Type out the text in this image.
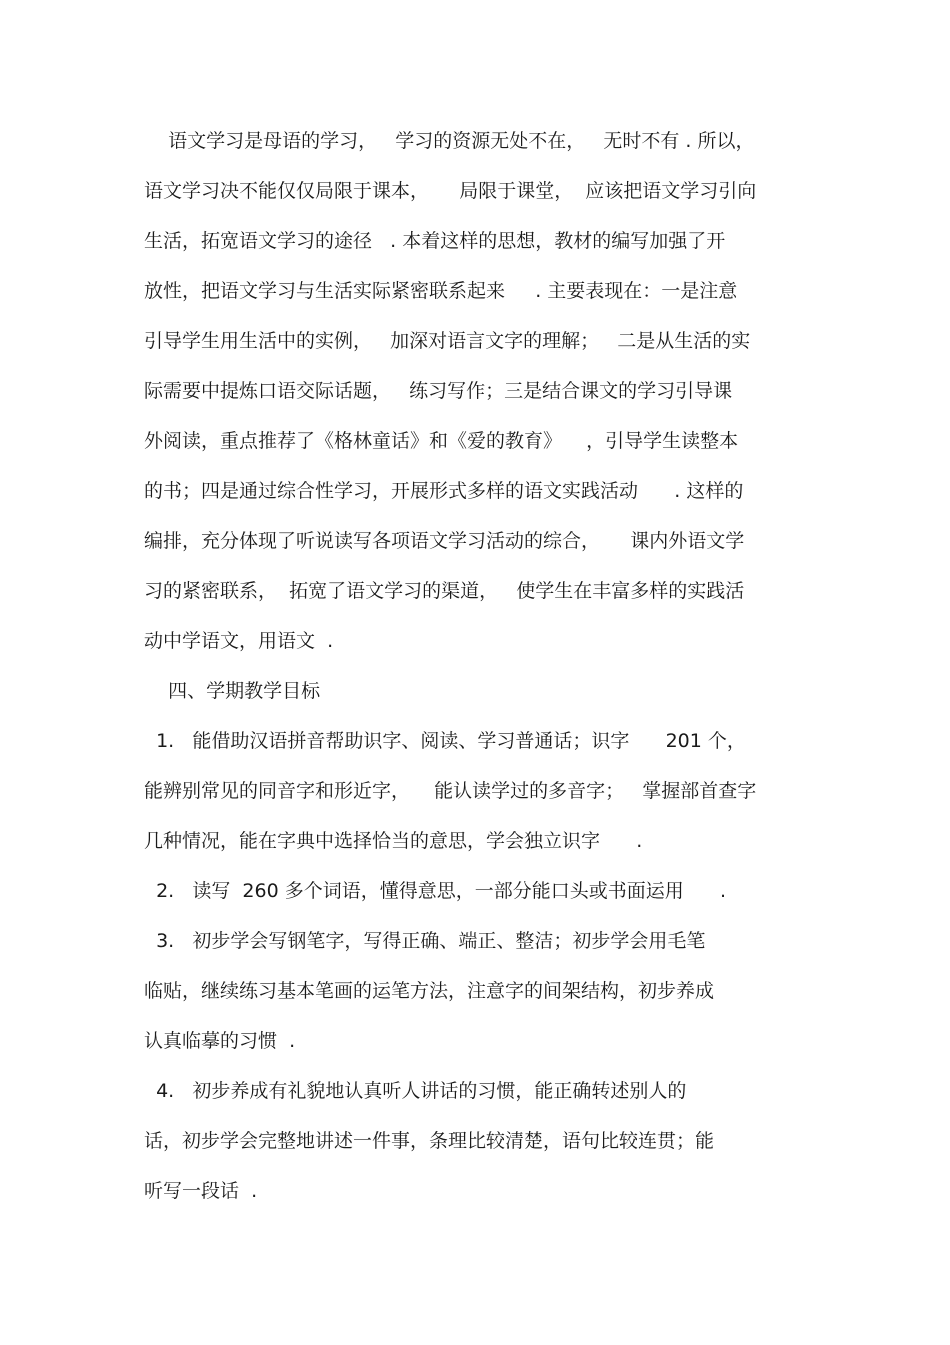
语文学习是母语的学习，   学习的资源无处不在，   无时不有 . 所以，
语文学习决不能仅仅局限于课本，     局限于课堂，  应该把语文学习引向
生活，拓宽语文学习的途径   . 本着这样的思想，教材的编写加强了开
放性，把语文学习与生活实际紧密联系起来     . 主要表现在：一是注意
引导学生用生活中的实例，   加深对语言文字的理解；   二是从生活的实
际需要中提炼口语交际话题，   练习写作；三是结合课文的学习引导课
外阅读，重点推荐了《格林童话》和《爱的教育》    ，引导学生读整本
的书；四是通过综合性学习，开展形式多样的语文实践活动      . 这样的
编排，充分体现了听说读写各项语文学习活动的综合，     课内外语文学
习的紧密联系，  拓宽了语文学习的渠道，   使学生在丰富多样的实践活
动中学语文，用语文  .
四、学期教学目标
1.   能借助汉语拼音帮助识字、阅读、学习普通话；识字      201 个，
能辨别常见的同音字和形近字，    能认读学过的多音字；   掌握部首查字
几种情况，能在字典中选择恰当的意思，学会独立识字      .
2.   读写  260 多个词语，懂得意思，一部分能口头或书面运用      .
3.   初步学会写钢笔字，写得正确、端正、整洁；初步学会用毛笔
临贴，继续练习基本笔画的运笔方法，注意字的间架结构，初步养成
认真临摹的习惯  .
4.   初步养成有礼貌地认真听人讲话的习惯，能正确转述别人的
话，初步学会完整地讲述一件事，条理比较清楚，语句比较连贯；能
听写一段话  .
